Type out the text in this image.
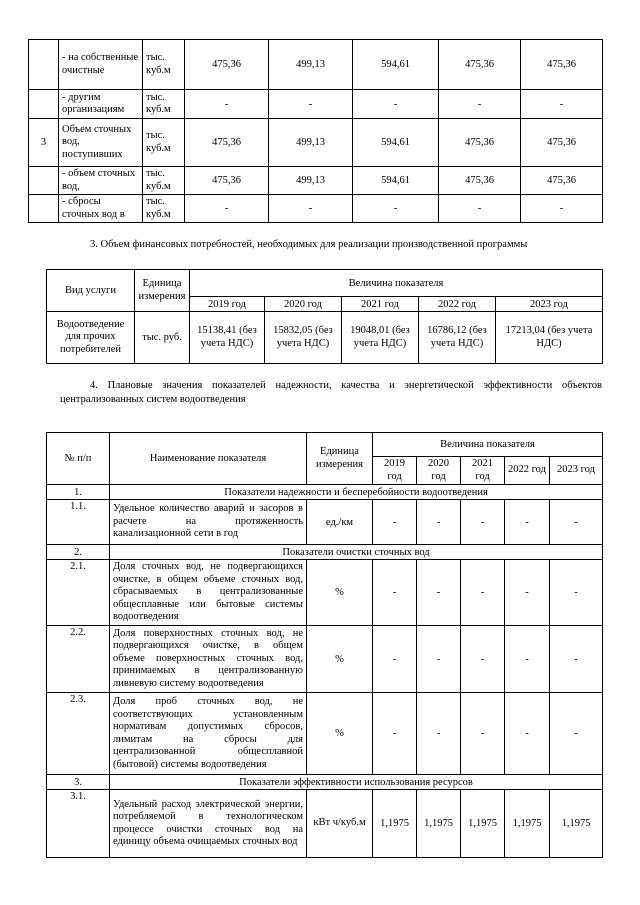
	- на собственные очистные	тыс. куб.м	475,36	499,13	594,61	475,36	475,36
	- другим организациям	тыс. куб.м	-	-	-	-	-
3	Объем сточных вод, поступивших	тыс. куб.м	475,36	499,13	594,61	475,36	475,36
	- объем сточных вод,	тыс. куб.м	475,36	499,13	594,61	475,36	475,36
	- сбросы сточных вод в	тыс. куб.м	-	-	-	-	-
3. Объем финансовых потребностей, необходимых для реализации производственной программы
Вид услуги	Единица измерения	Величина показателя				
		2019 год	2020 год	2021 год	2022 год	2023 год
Водоотведение для прочих потребителей	тыс. руб.	15138,41 (без учета НДС)	15832,05 (без учета НДС)	19048,01 (без учета НДС)	16786,12 (без учета НДС)	17213,04 (без учета НДС)
4. Плановые значения показателей надежности, качества и энергетической эффективности объектов централизованных систем водоотведения
№ п/п	Наименование показателя	Единица измерения	Величина показателя				
			2019 год	2020 год	2021 год	2022 год	2023 год
1.	Показатели надежности и бесперебойности водоотведения						
1.1.	Удельное количество аварий и засоров в расчете на протяженность канализационной сети в год	ед./км	-	-	-	-	-
2.	Показатели очистки сточных вод						
2.1.	Доля сточных вод, не подвергающихся очистке, в общем объеме сточных вод, сбрасываемых в централизованные общесплавные или бытовые системы водоотведения	%	-	-	-	-	-
2.2.	Доля поверхностных сточных вод, не подвергающихся очистке, в общем объеме поверхностных сточных вод, принимаемых в централизованную ливневую систему водоотведения	%	-	-	-	-	-
2.3.	Доля проб сточных вод, не соответствующих установленным нормативам допустимых сбросов, лимитам на сбросы для централизованной общесплавной (бытовой) системы водоотведения	%	-	-	-	-	-
3.	Показатели эффективности использования ресурсов						
3.1.	Удельный расход электрической энергии, потребляемой в технологическом процессе очистки сточных вод на единицу объема очищаемых сточных вод	кВт ч/куб.м	1,1975	1,1975	1,1975	1,1975	1,1975
